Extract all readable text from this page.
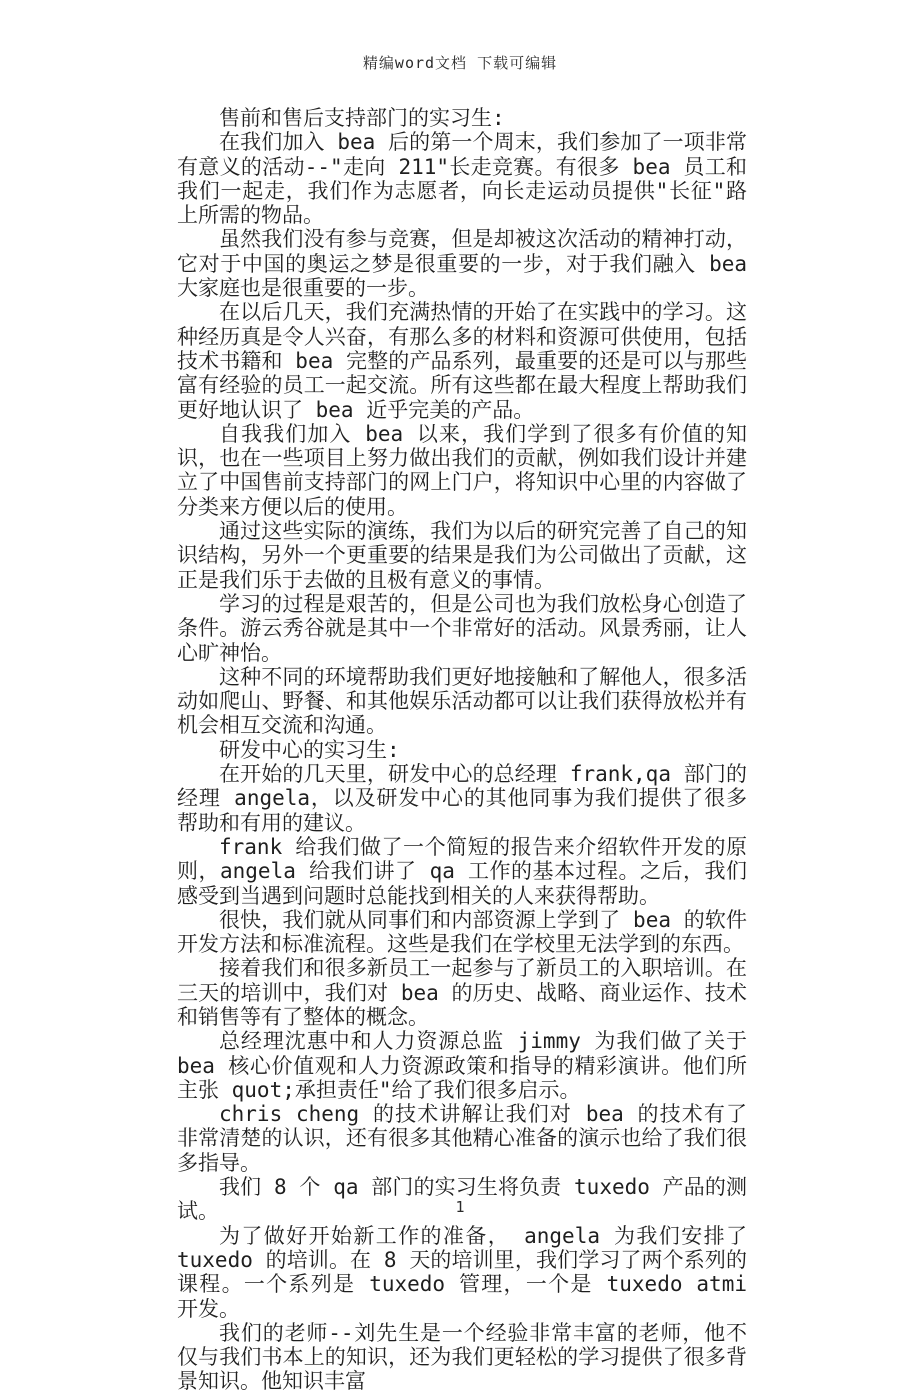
精编word文档 下载可编辑

售前和售后支持部门的实习生:

在我们加入 bea 后的第一个周末，我们参加了一项非常有意义的活动--"走向 211"长走竞赛。有很多 bea 员工和我们一起走，我们作为志愿者，向长走运动员提供"长征"路上所需的物品。

虽然我们没有参与竞赛，但是却被这次活动的精神打动，它对于中国的奥运之梦是很重要的一步，对于我们融入 bea 大家庭也是很重要的一步。

在以后几天，我们充满热情的开始了在实践中的学习。这种经历真是令人兴奋，有那么多的材料和资源可供使用，包括技术书籍和 bea 完整的产品系列，最重要的还是可以与那些富有经验的员工一起交流。所有这些都在最大程度上帮助我们更好地认识了 bea 近乎完美的产品。

自我我们加入 bea 以来，我们学到了很多有价值的知识，也在一些项目上努力做出我们的贡献，例如我们设计并建立了中国售前支持部门的网上门户，将知识中心里的内容做了分类来方便以后的使用。

通过这些实际的演练，我们为以后的研究完善了自己的知识结构，另外一个更重要的结果是我们为公司做出了贡献，这正是我们乐于去做的且极有意义的事情。

学习的过程是艰苦的，但是公司也为我们放松身心创造了条件。游云秀谷就是其中一个非常好的活动。风景秀丽，让人心旷神怡。

这种不同的环境帮助我们更好地接触和了解他人，很多活动如爬山、野餐、和其他娱乐活动都可以让我们获得放松并有机会相互交流和沟通。

研发中心的实习生:

在开始的几天里，研发中心的总经理 frank,qa 部门的经理 angela，以及研发中心的其他同事为我们提供了很多帮助和有用的建议。

frank 给我们做了一个简短的报告来介绍软件开发的原则，angela 给我们讲了 qa 工作的基本过程。之后，我们感受到当遇到问题时总能找到相关的人来获得帮助。

很快，我们就从同事们和内部资源上学到了 bea 的软件开发方法和标准流程。这些是我们在学校里无法学到的东西。

接着我们和很多新员工一起参与了新员工的入职培训。在三天的培训中，我们对 bea 的历史、战略、商业运作、技术和销售等有了整体的概念。

总经理沈惠中和人力资源总监 jimmy 为我们做了关于 bea 核心价值观和人力资源政策和指导的精彩演讲。他们所主张 quot;承担责任"给了我们很多启示。

chris cheng 的技术讲解让我们对 bea 的技术有了非常清楚的认识，还有很多其他精心准备的演示也给了我们很多指导。

我们 8 个 qa 部门的实习生将负责 tuxedo 产品的测试。

为了做好开始新工作的准备， angela 为我们安排了 tuxedo 的培训。在 8 天的培训里，我们学习了两个系列的课程。一个系列是 tuxedo 管理，一个是 tuxedo atmi 开发。

我们的老师--刘先生是一个经验非常丰富的老师，他不仅与我们书本上的知识，还为我们更轻松的学习提供了很多背景知识。他知识丰富

1
